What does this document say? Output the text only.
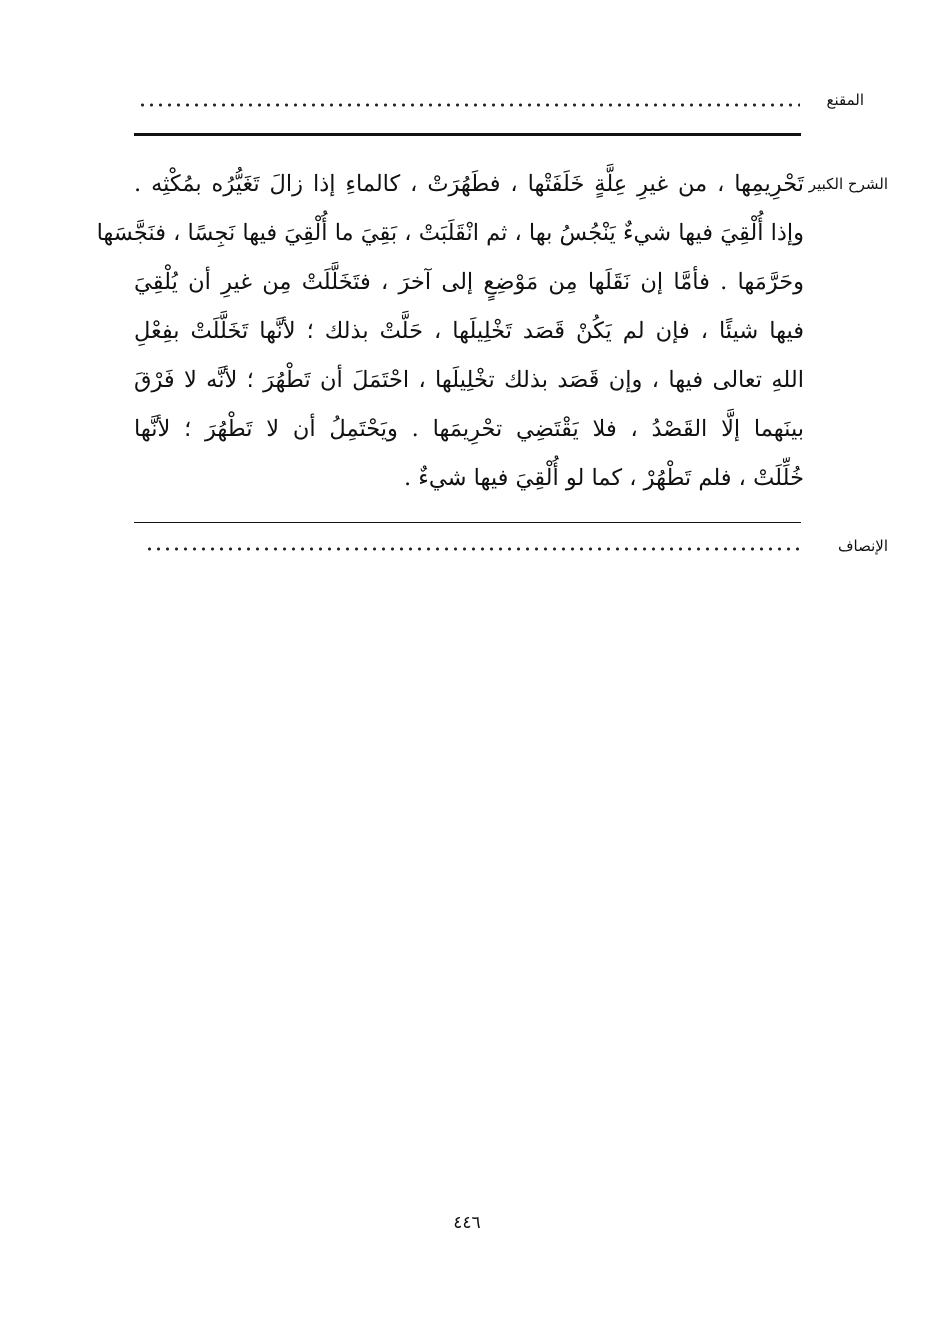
المقنع
الشرح الكبير
تَحْرِيمِها ، من غيرِ عِلَّةٍ خَلَفَتْها ، فطَهُرَتْ ، كالماءِ إذا زالَ تَغَيُّرُه بمُكْثِه .
وإذا أُلْقِيَ فيها شيءٌ يَنْجُسُ بها ، ثم انْقَلَبَتْ ، بَقِيَ ما أُلْقِيَ فيها نَجِسًا ، فنَجَّسَها
وحَرَّمَها . فأمَّا إن نَقَلَها مِن مَوْضِعٍ إلى آخرَ ، فتَخَلَّلَتْ مِن غيرِ أن يُلْقِيَ
فيها شيئًا ، فإن لم يَكُنْ قَصَد تَخْلِيلَها ، حَلَّتْ بذلك ؛ لأنَّها تَخَلَّلَتْ بفِعْلِ
اللهِ تعالى فيها ، وإن قَصَد بذلك تخْلِيلَها ، احْتَمَلَ أن تَطْهُرَ ؛ لأنَّه لا فَرْقَ
بينَهما إلَّا القَصْدُ ، فلا يَقْتَضِي تحْرِيمَها . ويَحْتَمِلُ أن لا تَطْهُرَ ؛ لأنَّها
خُلِّلَتْ ، فلم تَطْهُرْ ، كما لو أُلْقِيَ فيها شيءٌ .
الإنصاف
٤٤٦
